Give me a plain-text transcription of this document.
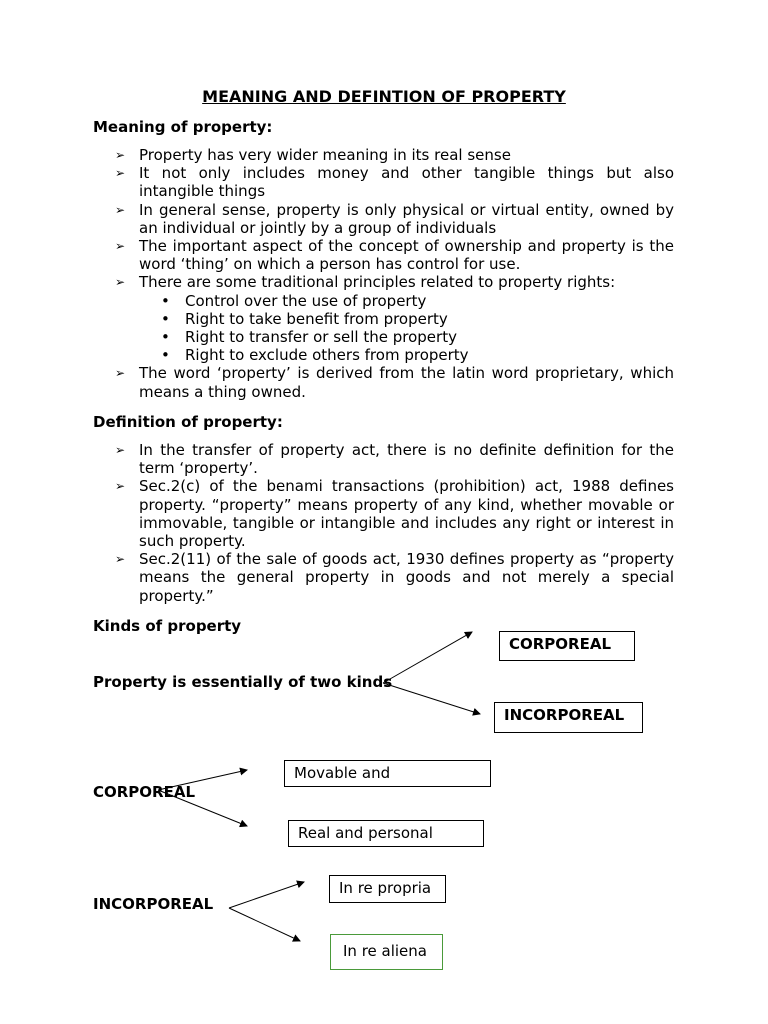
MEANING AND DEFINTION OF PROPERTY
Meaning of property:
➢ Property has very wider meaning in its real sense
➢ It not only includes money and other tangible things but also intangible things
➢ In general sense, property is only physical or virtual entity, owned by an individual or jointly by a group of individuals
➢ The important aspect of the concept of ownership and property is the word ‘thing’ on which a person has control for use.
➢ There are some traditional principles related to property rights:
• Control over the use of property
• Right to take benefit from property
• Right to transfer or sell the property
• Right to exclude others from property
➢ The word ‘property’ is derived from the latin word proprietary, which means a thing owned.
Definition of property:
➢ In the transfer of property act, there is no definite definition for the term ‘property’.
➢ Sec.2(c) of the benami transactions (prohibition) act, 1988 defines property. “property” means property of any kind, whether movable or immovable, tangible or intangible and includes any right or interest in such property.
➢ Sec.2(11) of the sale of goods act, 1930 defines property as “property means the general property in goods and not merely a special property.”
Kinds of property
Property is essentially of two kinds
CORPOREAL
INCORPOREAL
CORPOREAL
Movable and
Real and personal
INCORPOREAL
In re propria
In re aliena
